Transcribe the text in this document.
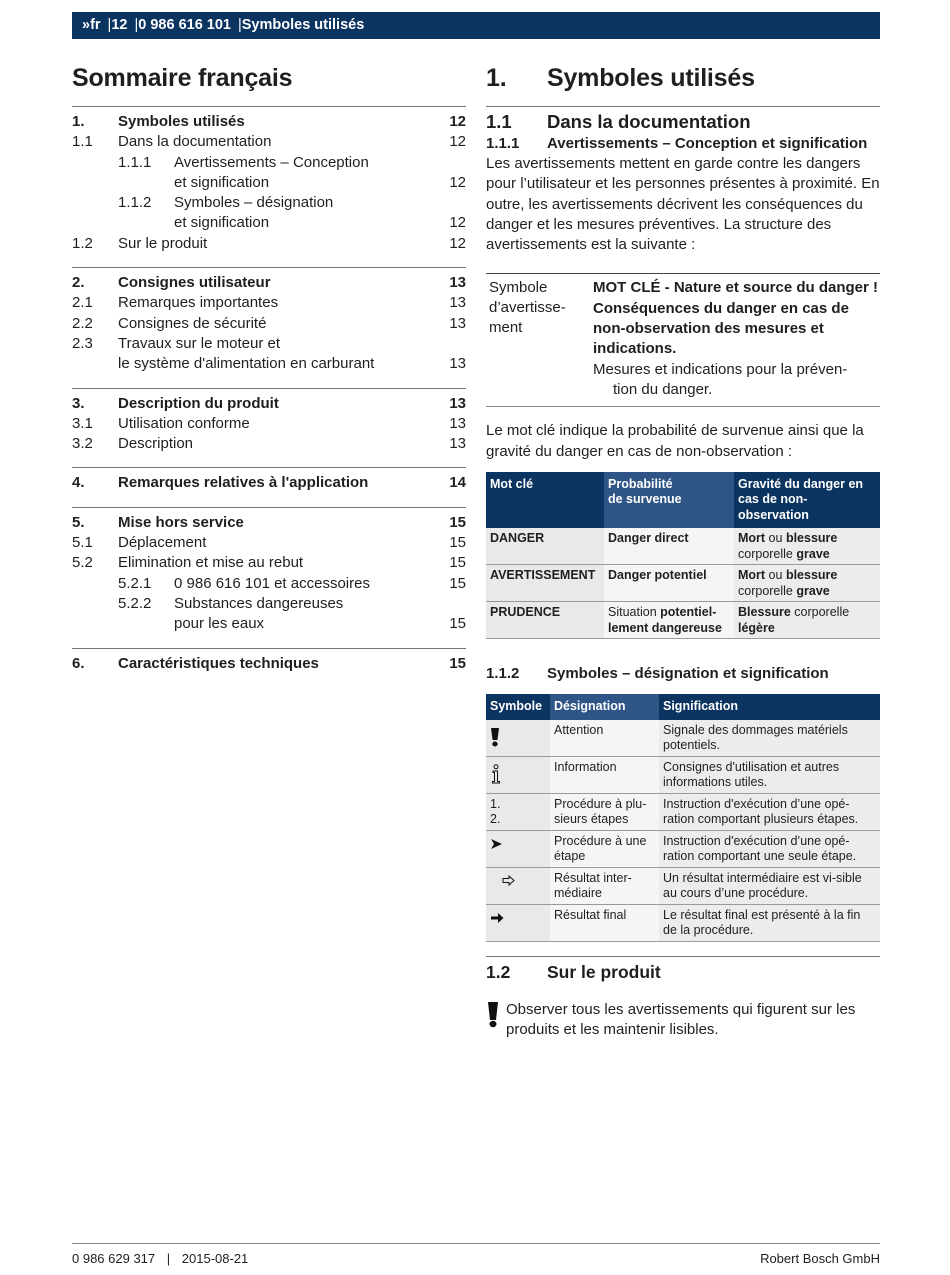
»fr |12 |0 986 616 101 |Symboles utilisés
Sommaire français
1.	Symboles utilisés	12
1.1	Dans la documentation	12
1.1.1	Avertissements – Conception
et signification	12
1.1.2	Symboles – désignation
et signification	12
1.2	Sur le produit	12
2.	Consignes utilisateur	13
2.1	Remarques importantes	13
2.2	Consignes de sécurité	13
2.3	Travaux sur le moteur et
le système d'alimentation en carburant	13
3.	Description du produit	13
3.1	Utilisation conforme	13
3.2	Description	13
4.	Remarques relatives à l'application	14
5.	Mise hors service	15
5.1	Déplacement	15
5.2	Elimination et mise au rebut	15
5.2.1	0 986 616 101 et accessoires	15
5.2.2	Substances dangereuses
pour les eaux	15
6.	Caractéristiques techniques	15
1.	Symboles utilisés
1.1	Dans la documentation
1.1.1	Avertissements – Conception et signification
Les avertissements mettent en garde contre les dangers pour l’utilisateur et les personnes présentes à proximité. En outre, les avertissements décrivent les conséquences du danger et les mesures préventives. La structure des avertissements est la suivante :
Symbole
d’avertisse-
ment
MOT CLÉ - Nature et source du danger !
Conséquences du danger en cas de non-observation des mesures et indications.
Mesures et indications pour la préven-
tion du danger.
Le mot clé indique la probabilité de survenue ainsi que la gravité du danger en cas de non-observation :
Mot clé	Probabilité
de survenue	Gravité du danger en
cas de non-observation
DANGER	Danger direct	Mort ou blessure corporelle grave
AVERTISSEMENT	Danger potentiel	Mort ou blessure corporelle grave
PRUDENCE	Situation potentiel-lement dangereuse	Blessure corporelle légère
1.1.2	Symboles – désignation et signification
Symbole	Désignation	Signification
	Attention	Signale des dommages matériels potentiels.
	Information	Consignes d'utilisation et autres informations utiles.
1.
2.	Procédure à plu-sieurs étapes	Instruction d'exécution d’une opé-ration comportant plusieurs étapes.
	Procédure à une étape	Instruction d'exécution d’une opé-ration comportant une seule étape.
	Résultat inter-médiaire	Un résultat intermédiaire est vi-sible au cours d’une procédure.
	Résultat final	Le résultat final est présenté à la fin de la procédure.
1.2	Sur le produit
Observer tous les avertissements qui figurent sur les produits et les maintenir lisibles.
0 986 629 317 | 2015-08-21	Robert Bosch GmbH
